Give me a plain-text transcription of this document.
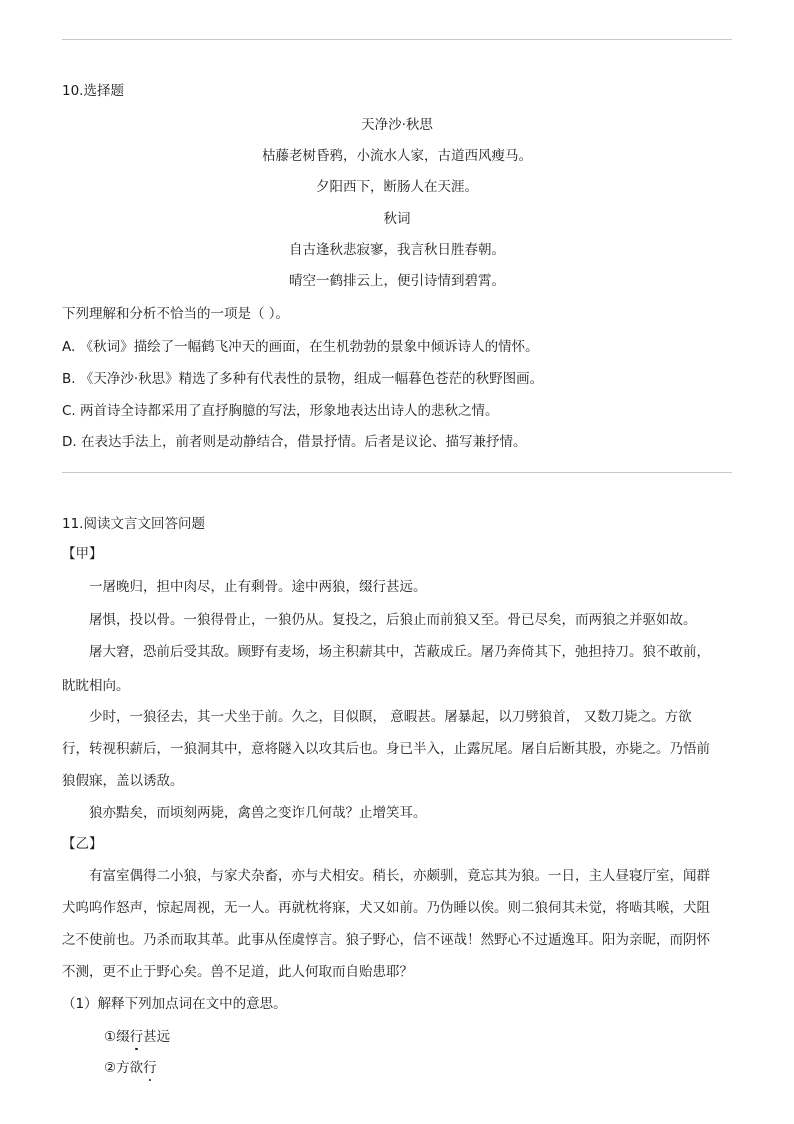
10.选择题
天净沙·秋思
枯藤老树昏鸦，小流水人家，古道西风瘦马。
夕阳西下，断肠人在天涯。
秋词
自古逢秋悲寂寥，我言秋日胜春朝。
晴空一鹤排云上，便引诗情到碧霄。
下列理解和分析不恰当的一项是（ ）。
A. 《秋词》描绘了一幅鹤飞冲天的画面，在生机勃勃的景象中倾诉诗人的情怀。
B. 《天净沙·秋思》精选了多种有代表性的景物，组成一幅暮色苍茫的秋野图画。
C. 两首诗全诗都采用了直抒胸臆的写法，形象地表达出诗人的悲秋之情。
D. 在表达手法上，前者则是动静结合，借景抒情。后者是议论、描写兼抒情。
11.阅读文言文回答问题
【甲】
一屠晚归，担中肉尽，止有剩骨。途中两狼，缀行甚远。
屠惧，投以骨。一狼得骨止，一狼仍从。复投之，后狼止而前狼又至。骨已尽矣，而两狼之并驱如故。
屠大窘，恐前后受其敌。顾野有麦场，场主积薪其中，苫蔽成丘。屠乃奔倚其下，弛担持刀。狼不敢前，
眈眈相向。
少时，一狼径去，其一犬坐于前。久之，目似瞑， 意暇甚。屠暴起，以刀劈狼首， 又数刀毙之。方欲
行，转视积薪后，一狼洞其中，意将隧入以攻其后也。身已半入，止露尻尾。屠自后断其股，亦毙之。乃悟前
狼假寐，盖以诱敌。
狼亦黠矣，而顷刻两毙，禽兽之变诈几何哉？止增笑耳。
【乙】
有富室偶得二小狼，与家犬杂畜，亦与犬相安。稍长，亦颇驯，竟忘其为狼。一日，主人昼寝厅室，闻群
犬呜呜作怒声，惊起周视，无一人。再就枕将寐，犬又如前。乃伪睡以俟。则二狼伺其未觉，将啮其喉，犬阻
之不使前也。乃杀而取其革。此事从侄虞惇言。狼子野心，信不诬哉！然野心不过遁逸耳。阳为亲昵，而阴怀
不测，更不止于野心矣。兽不足道，此人何取而自贻患耶？
（1）解释下列加点词在文中的意思。
①缀行甚远
②方欲行
